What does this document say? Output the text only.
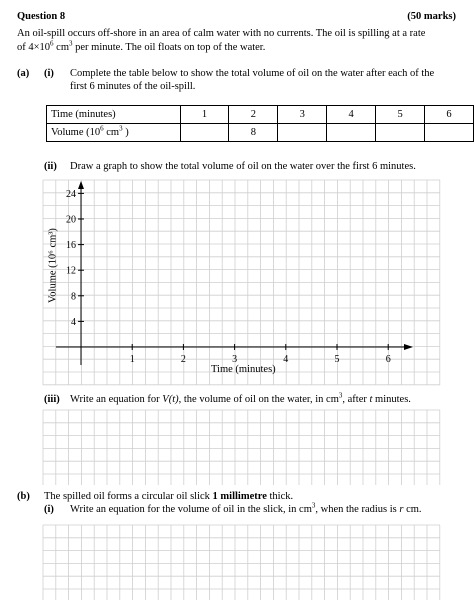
Question 8	(50 marks)
An oil-spill occurs off-shore in an area of calm water with no currents. The oil is spilling at a rate
of $4\times 10^6$ $cm^3$ per minute. The oil floats on top of the water.
(a) (i) Complete the table below to show the total volume of oil on the water after each of the
first 6 minutes of the oil-spill.
Time (minutes)	1	2	3	4	5	6
Volume ($10^6$ $cm^3$ )		8				
(ii) Draw a graph to show the total volume of oil on the water over the first 6 minutes.
4
8
12
16
20
24
1	2	3	4	5	6
Volume (10⁶ cm³)
Time (minutes)
(iii) Write an equation for V(t), the volume of oil on the water, in $cm^3$, after t minutes.
(b) The spilled oil forms a circular oil slick 1 millimetre thick.
(i) Write an equation for the volume of oil in the slick, in $cm^3$, when the radius is r cm.
